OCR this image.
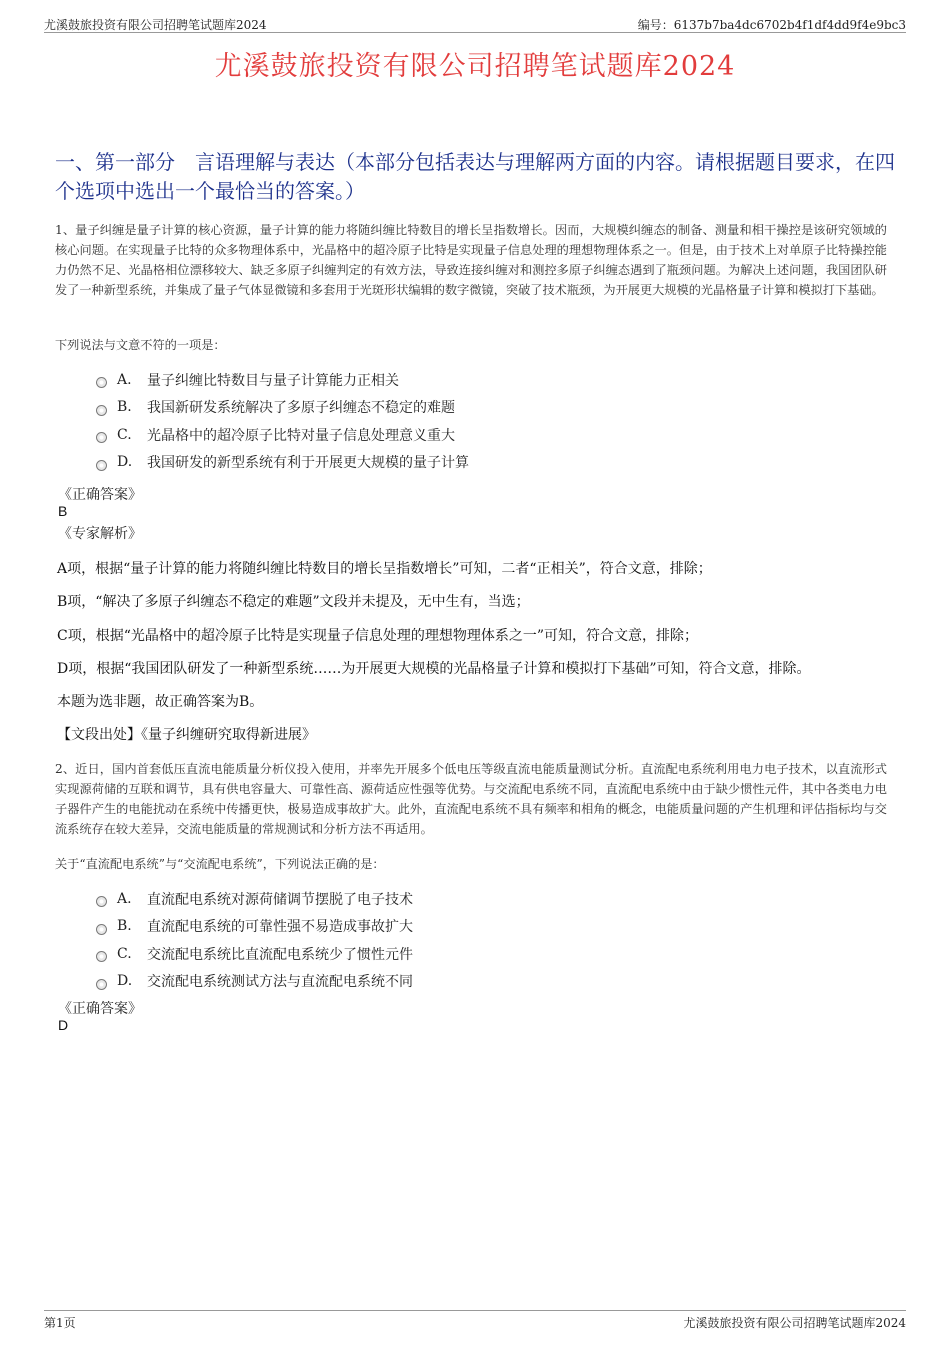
尤溪鼓旅投资有限公司招聘笔试题库2024	编号：6137b7ba4dc6702b4f1df4dd9f4e9bc3
尤溪鼓旅投资有限公司招聘笔试题库2024
一、第一部分　言语理解与表达（本部分包括表达与理解两方面的内容。请根据题目要求，在四个选项中选出一个最恰当的答案。）
1、量子纠缠是量子计算的核心资源，量子计算的能力将随纠缠比特数目的增长呈指数增长。因而，大规模纠缠态的制备、测量和相干操控是该研究领域的核心问题。在实现量子比特的众多物理体系中，光晶格中的超冷原子比特是实现量子信息处理的理想物理体系之一。但是，由于技术上对单原子比特操控能力仍然不足、光晶格相位漂移较大、缺乏多原子纠缠判定的有效方法，导致连接纠缠对和测控多原子纠缠态遇到了瓶颈问题。为解决上述问题，我国团队研发了一种新型系统，并集成了量子气体显微镜和多套用于光斑形状编辑的数字微镜，突破了技术瓶颈，为开展更大规模的光晶格量子计算和模拟打下基础。
下列说法与文意不符的一项是：
A.	量子纠缠比特数目与量子计算能力正相关
B.	我国新研发系统解决了多原子纠缠态不稳定的难题
C.	光晶格中的超冷原子比特对量子信息处理意义重大
D.	我国研发的新型系统有利于开展更大规模的量子计算
《正确答案》
B
《专家解析》
A项，根据“量子计算的能力将随纠缠比特数目的增长呈指数增长”可知，二者“正相关”，符合文意，排除；
B项，“解决了多原子纠缠态不稳定的难题”文段并未提及，无中生有，当选；
C项，根据“光晶格中的超冷原子比特是实现量子信息处理的理想物理体系之一”可知，符合文意，排除；
D项，根据“我国团队研发了一种新型系统……为开展更大规模的光晶格量子计算和模拟打下基础”可知，符合文意，排除。
本题为选非题，故正确答案为B。
【文段出处】《量子纠缠研究取得新进展》
2、近日，国内首套低压直流电能质量分析仪投入使用，并率先开展多个低电压等级直流电能质量测试分析。直流配电系统利用电力电子技术，以直流形式实现源荷储的互联和调节，具有供电容量大、可靠性高、源荷适应性强等优势。与交流配电系统不同，直流配电系统中由于缺少惯性元件，其中各类电力电子器件产生的电能扰动在系统中传播更快，极易造成事故扩大。此外，直流配电系统不具有频率和相角的概念，电能质量问题的产生机理和评估指标均与交流系统存在较大差异，交流电能质量的常规测试和分析方法不再适用。
关于“直流配电系统”与“交流配电系统”，下列说法正确的是：
A.	直流配电系统对源荷储调节摆脱了电子技术
B.	直流配电系统的可靠性强不易造成事故扩大
C.	交流配电系统比直流配电系统少了惯性元件
D.	交流配电系统测试方法与直流配电系统不同
《正确答案》
D
第1页	尤溪鼓旅投资有限公司招聘笔试题库2024
